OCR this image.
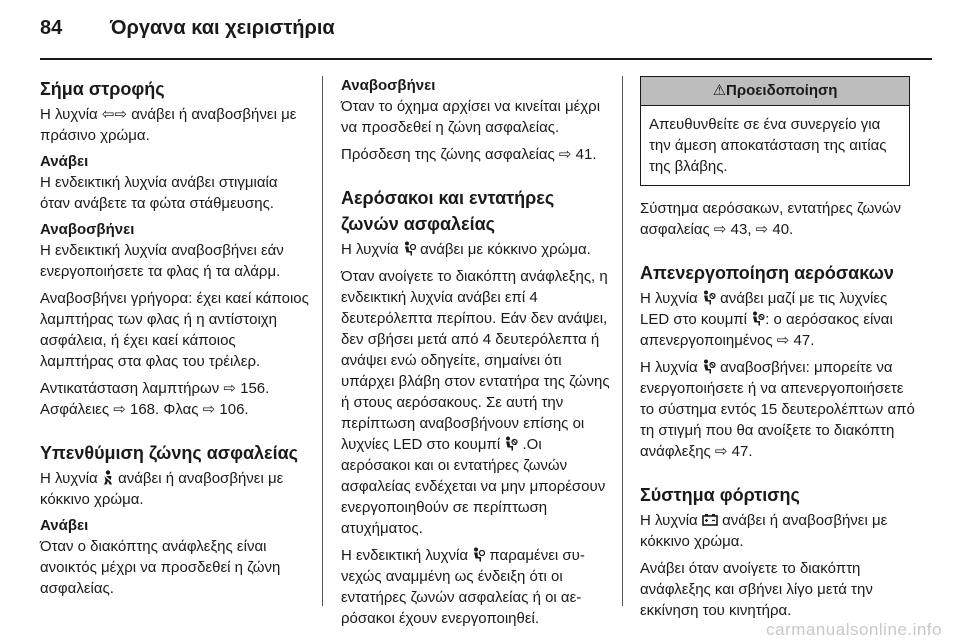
84	Όργανα και χειριστήρια
Σήμα στροφής

Η λυχνία ⇦⇨ ανάβει ή αναβοσβήνει με πράσινο χρώμα.

Ανάβει

Η ενδεικτική λυχνία ανάβει στιγμιαία όταν ανάβετε τα φώτα στάθμευσης.

Αναβοσβήνει

Η ενδεικτική λυχνία αναβοσβήνει εάν ενεργοποιήσετε τα φλας ή τα αλάρμ.

Αναβοσβήνει γρήγορα: έχει καεί κάποιος λαμπτήρας των φλας ή η αντίστοιχη ασφάλεια, ή έχει καεί κάποιος λαμπτήρας στα φλας του τρέιλερ.

Αντικατάσταση λαμπτήρων ⇨ 156. Ασφάλειες ⇨ 168. Φλας ⇨ 106.

Υπενθύμιση ζώνης ασφαλείας

Η λυχνία ανάβει ή αναβοσβήνει με κόκκινο χρώμα.

Ανάβει

Όταν ο διακόπτης ανάφλεξης είναι ανοικτός μέχρι να προσδεθεί η ζώνη ασφαλείας.

Αναβοσβήνει

Όταν το όχημα αρχίσει να κινείται μέχρι να προσδεθεί η ζώνη ασφαλείας.

Πρόσδεση της ζώνης ασφαλείας ⇨ 41.

Αερόσακοι και εντατήρες ζωνών ασφαλείας

Η λυχνία ανάβει με κόκκινο χρώμα.

Όταν ανοίγετε το διακόπτη ανάφλεξης, η ενδεικτική λυχνία ανάβει επί 4 δευτερόλεπτα περίπου. Εάν δεν ανάψει, δεν σβήσει μετά από 4 δευτερόλεπτα ή ανάψει ενώ οδηγείτε, σημαίνει ότι υπάρχει βλάβη στον εντατήρα της ζώνης ή στους αερόσακους. Σε αυτή την περίπτωση αναβοσβήνουν επίσης οι λυχνίες LED στο κουμπί .Οι αερόσακοι και οι εντατήρες ζωνών ασφαλείας ενδέχεται να μην μπορέσουν ενεργοποιηθούν σε περίπτωση ατυχήματος.

Η ενδεικτική λυχνία παραμένει συνεχώς αναμμένη ως ένδειξη ότι οι εντατήρες ζωνών ασφαλείας ή οι αερόσακοι έχουν ενεργοποιηθεί.

⚠Προειδοποίηση
Απευθυνθείτε σε ένα συνεργείο για την άμεση αποκατάσταση της αιτίας της βλάβης.

Σύστημα αερόσακων, εντατήρες ζωνών ασφαλείας ⇨ 43, ⇨ 40.

Απενεργοποίηση αερόσακων

Η λυχνία ανάβει μαζί με τις λυχνίες LED στο κουμπί : ο αερόσακος είναι απενεργοποιημένος ⇨ 47.

Η λυχνία αναβοσβήνει: μπορείτε να ενεργοποιήσετε ή να απενεργοποιήσετε το σύστημα εντός 15 δευτερολέπτων από τη στιγμή που θα ανοίξετε το διακόπτη ανάφλεξης ⇨ 47.

Σύστημα φόρτισης

Η λυχνία ανάβει ή αναβοσβήνει με κόκκινο χρώμα.

Ανάβει όταν ανοίγετε το διακόπτη ανάφλεξης και σβήνει λίγο μετά την εκκίνηση του κινητήρα.

carmanualsonline.info
